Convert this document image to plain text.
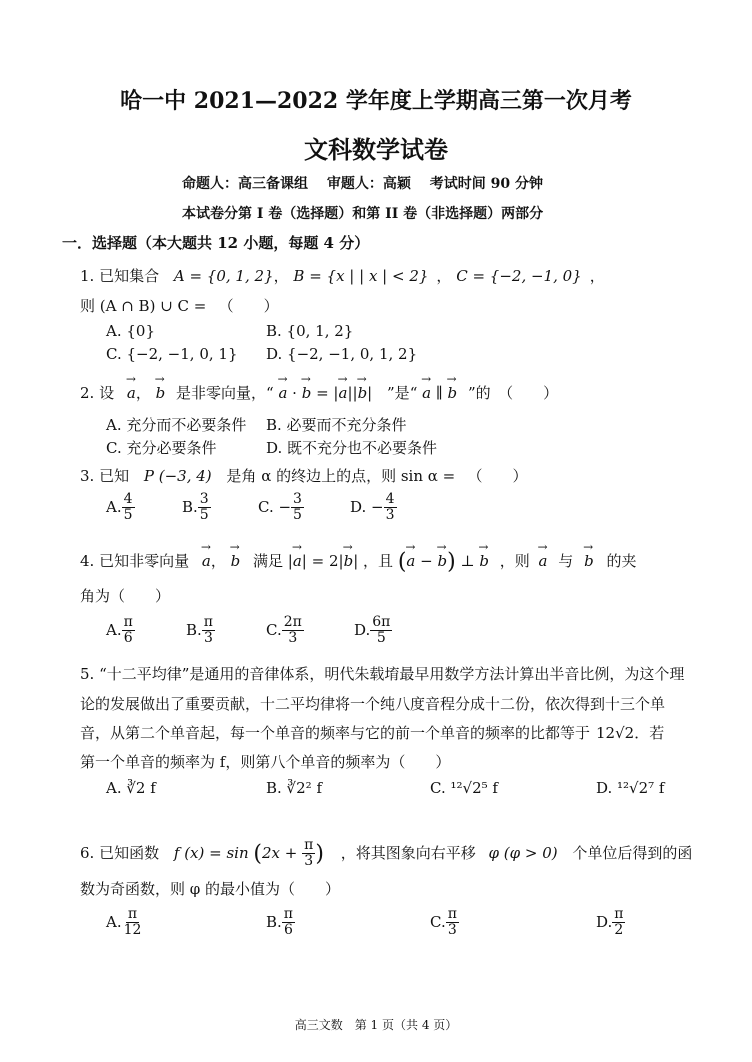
哈一中 2021—2022 学年度上学期高三第一次月考
文科数学试卷
命题人：高三备课组　 审题人：高颖　 考试时间 90 分钟
本试卷分第 I 卷（选择题）和第 II 卷（非选择题）两部分
一．选择题（本大题共 12 小题，每题 4 分）
1. 已知集合 A = {0, 1, 2}， B = {x | | x | < 2} ， C = {−2, −1, 0} ，
则 (A ∩ B) ∪ C = 　（　　）
A. {0}	B. {0, 1, 2}
C. {−2, −1, 0, 1} D. {−2, −1, 0, 1, 2}
2. 设 → a， → b 是非零向量，“ → a · → b = |→ a||→ b| ”是“ → a ∥ → b ”的　（　　）
A. 充分而不必要条件 B. 必要而不充分条件
C. 充分必要条件	D. 既不充分也不必要条件
3. 已知 P (−3, 4) 是角 α 的终边上的点，则 sin α = 　（　　）
A. $\frac{4}{5}$	B. $\frac{3}{5}$	C. − $\frac{3}{5}$	D. − $\frac{4}{3}$
4. 已知非零向量 → a， → b 满足 |→ a| = 2|→ b| ，且 (→ a − → b) ⊥ → b ，则 → a 与 → b 的夹
角为（　　）
A. $\frac{\pi}{6}$	B. $\frac{\pi}{3}$	C. $\frac{2\pi}{3}$	D. $\frac{6\pi}{5}$
5. “十二平均律”是通用的音律体系，明代朱载堉最早用数学方法计算出半音比例，为这个理
论的发展做出了重要贡献，十二平均律将一个纯八度音程分成十二份，依次得到十三个单
音，从第二个单音起，每一个单音的频率与它的前一个单音的频率的比都等于 12√2．若
第一个单音的频率为 f，则第八个单音的频率为（　　）
A. ∛2 f	B. ∛2² f	C. ¹²√2⁵ f	D. ¹²√2⁷ f
6. 已知函数 f $(x) = \sin (2x + \frac{\pi}{3}$ ) ，将其图象向右平移 φ (φ > 0) 个单位后得到的函
数为奇函数，则 φ 的最小值为（　　）
A. $\frac{\pi}{12}$	B. $\frac{\pi}{6}$	C. $\frac{\pi}{3}$	D. $\frac{\pi}{2}$
高三文数　第 1 页（共 4 页）
